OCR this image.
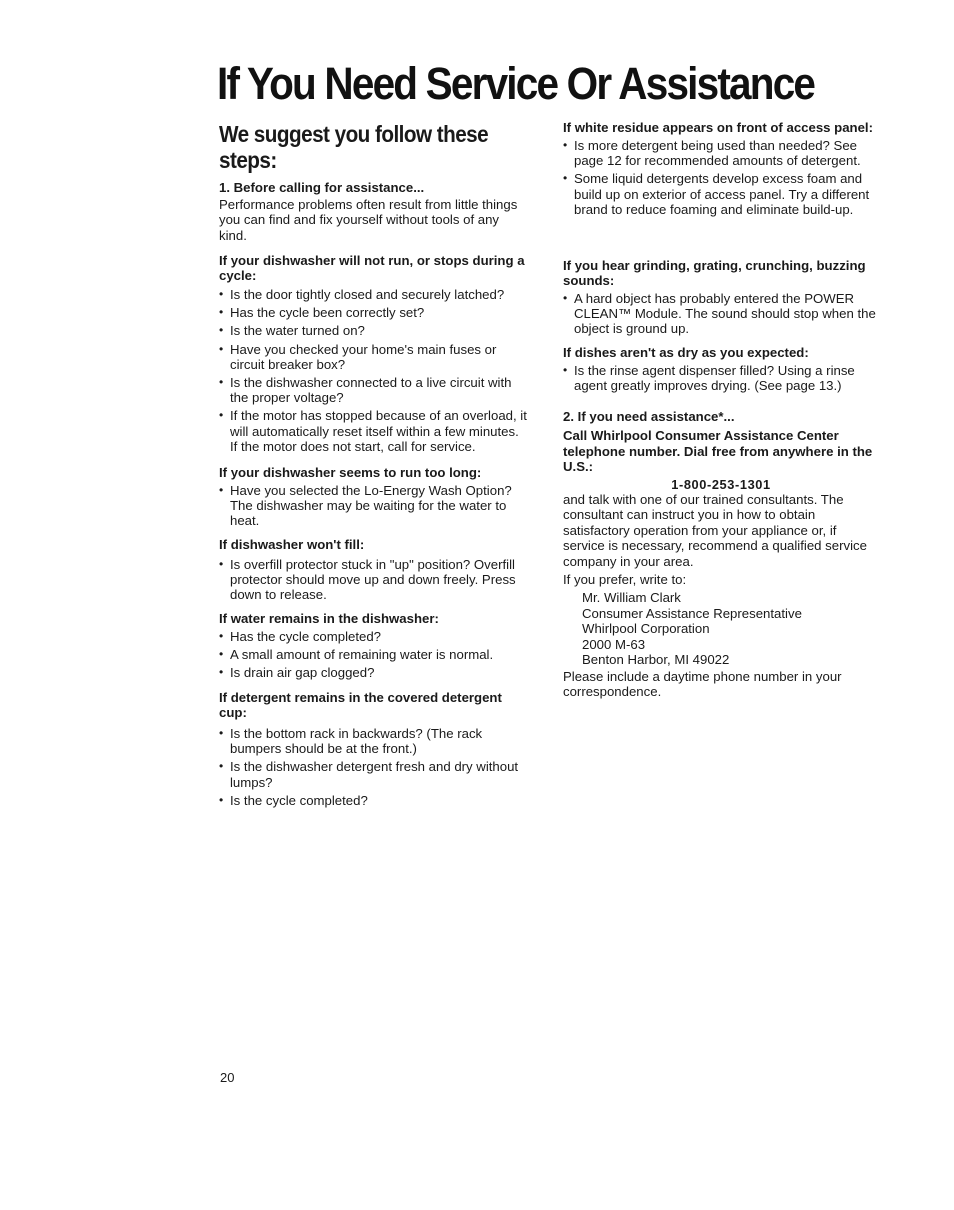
If You Need Service Or Assistance
We suggest you follow these steps:
1. Before calling for assistance...
Performance problems often result from little things you can find and fix yourself without tools of any kind.
If your dishwasher will not run, or stops during a cycle:
• Is the door tightly closed and securely latched?
• Has the cycle been correctly set?
• Is the water turned on?
• Have you checked your home's main fuses or circuit breaker box?
• Is the dishwasher connected to a live circuit with the proper voltage?
• If the motor has stopped because of an overload, it will automatically reset itself within a few minutes. If the motor does not start, call for service.
If your dishwasher seems to run too long:
• Have you selected the Lo-Energy Wash Option? The dishwasher may be waiting for the water to heat.
If dishwasher won't fill:
• Is overfill protector stuck in "up" position? Overfill protector should move up and down freely. Press down to release.
If water remains in the dishwasher:
• Has the cycle completed?
• A small amount of remaining water is normal.
• Is drain air gap clogged?
If detergent remains in the covered detergent cup:
• Is the bottom rack in backwards? (The rack bumpers should be at the front.)
• Is the dishwasher detergent fresh and dry without lumps?
• Is the cycle completed?
If white residue appears on front of access panel:
• Is more detergent being used than needed? See page 12 for recommended amounts of detergent.
• Some liquid detergents develop excess foam and build up on exterior of access panel. Try a different brand to reduce foaming and eliminate build-up.
If you hear grinding, grating, crunching, buzzing sounds:
• A hard object has probably entered the POWER CLEAN™ Module. The sound should stop when the object is ground up.
If dishes aren't as dry as you expected:
• Is the rinse agent dispenser filled? Using a rinse agent greatly improves drying. (See page 13.)
2. If you need assistance*...
Call Whirlpool Consumer Assistance Center telephone number. Dial free from anywhere in the U.S.:
1-800-253-1301
and talk with one of our trained consultants. The consultant can instruct you in how to obtain satisfactory operation from your appliance or, if service is necessary, recommend a qualified service company in your area.
If you prefer, write to:
Mr. William Clark
Consumer Assistance Representative
Whirlpool Corporation
2000 M-63
Benton Harbor, MI 49022
Please include a daytime phone number in your correspondence.
20
